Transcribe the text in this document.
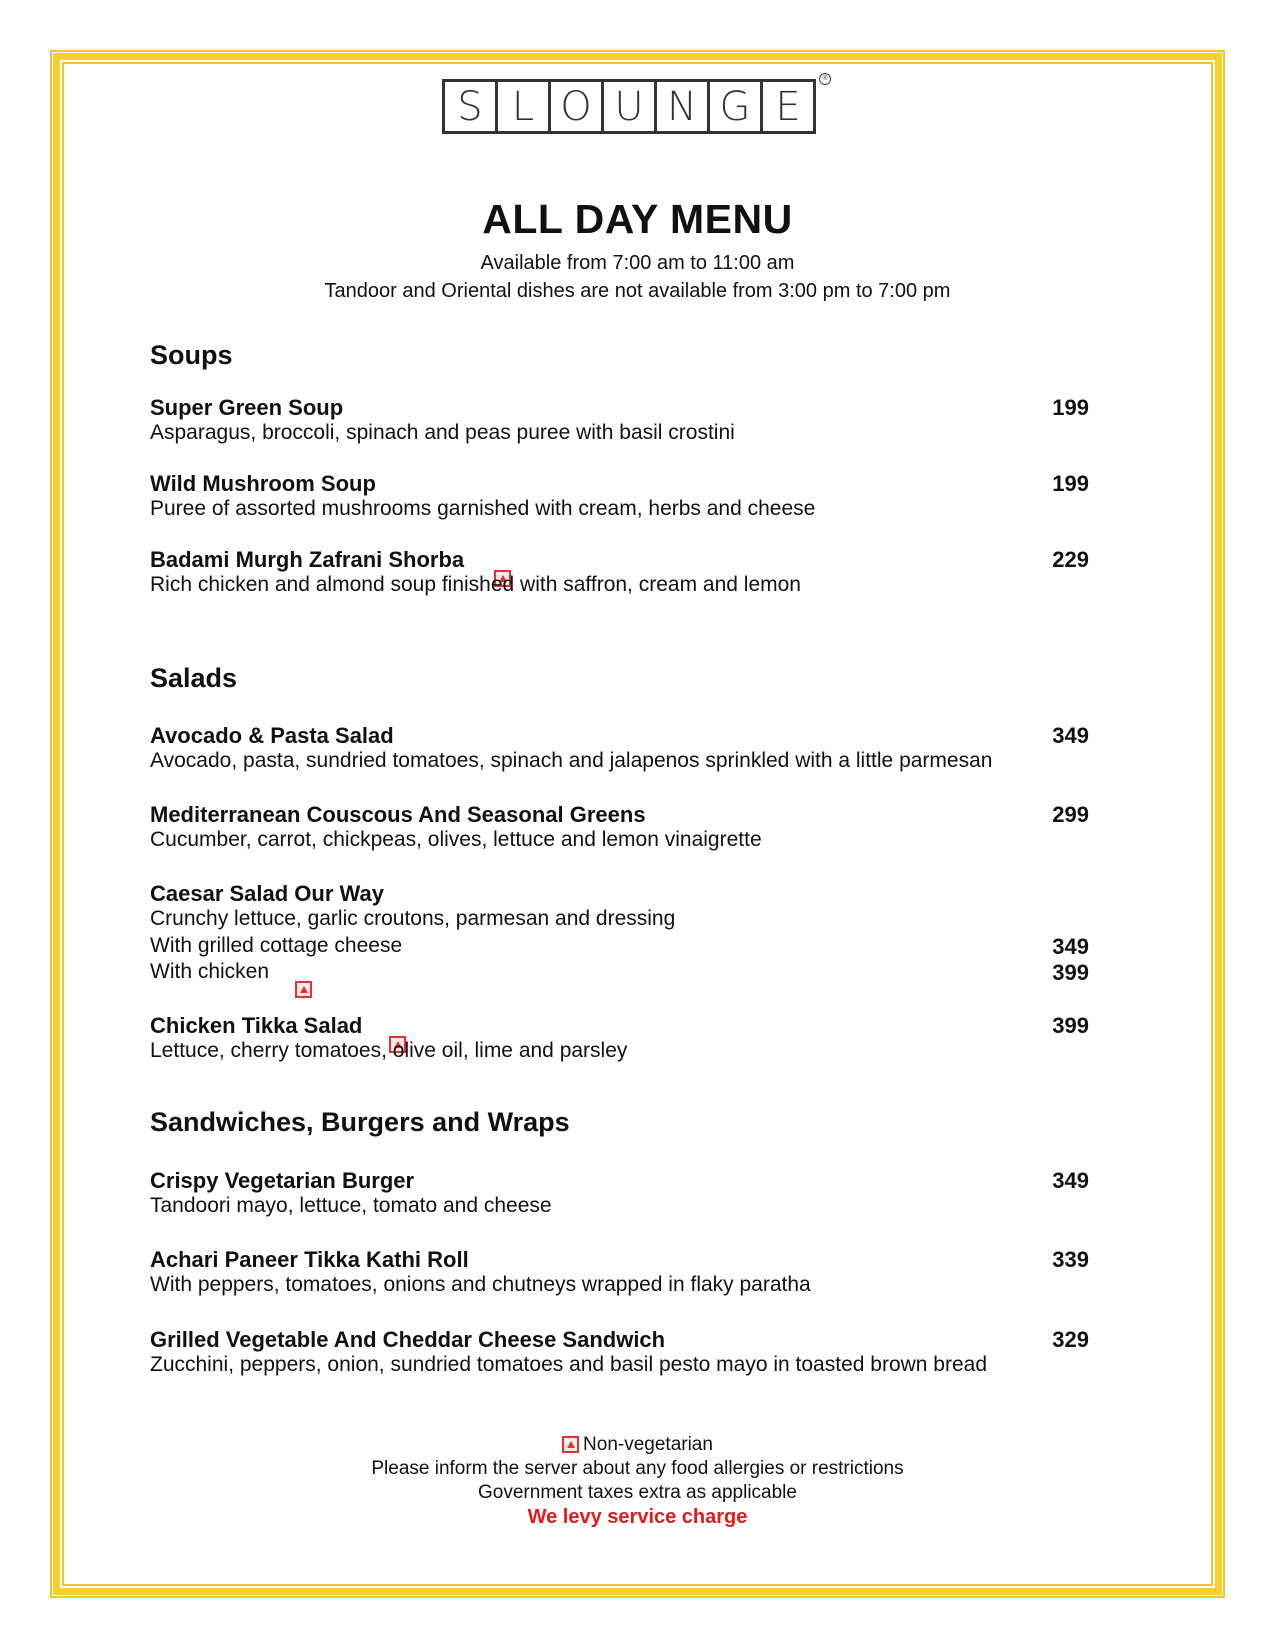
S L O U N G E
®
ALL DAY MENU
Available from 7:00 am to 11:00 am
Tandoor and Oriental dishes are not available from 3:00 pm to 7:00 pm
Soups
Super Green Soup	199
Asparagus, broccoli, spinach and peas puree with basil crostini
Wild Mushroom Soup	199
Puree of assorted mushrooms garnished with cream, herbs and cheese
Badami Murgh Zafrani Shorba	229
Rich chicken and almond soup finished with saffron, cream and lemon
Salads
Avocado & Pasta Salad	349
Avocado, pasta, sundried tomatoes, spinach and jalapenos sprinkled with a little parmesan
Mediterranean Couscous And Seasonal Greens	299
Cucumber, carrot, chickpeas, olives, lettuce and lemon vinaigrette
Caesar Salad Our Way
Crunchy lettuce, garlic croutons, parmesan and dressing
With grilled cottage cheese	349
With chicken	399
Chicken Tikka Salad	399
Lettuce, cherry tomatoes, olive oil, lime and parsley
Sandwiches, Burgers and Wraps
Crispy Vegetarian Burger	349
Tandoori mayo, lettuce, tomato and cheese
Achari Paneer Tikka Kathi Roll	339
With peppers, tomatoes, onions and chutneys wrapped in flaky paratha
Grilled Vegetable And Cheddar Cheese Sandwich	329
Zucchini, peppers, onion, sundried tomatoes and basil pesto mayo in toasted brown bread
Non-vegetarian
Please inform the server about any food allergies or restrictions
Government taxes extra as applicable
We levy service charge
